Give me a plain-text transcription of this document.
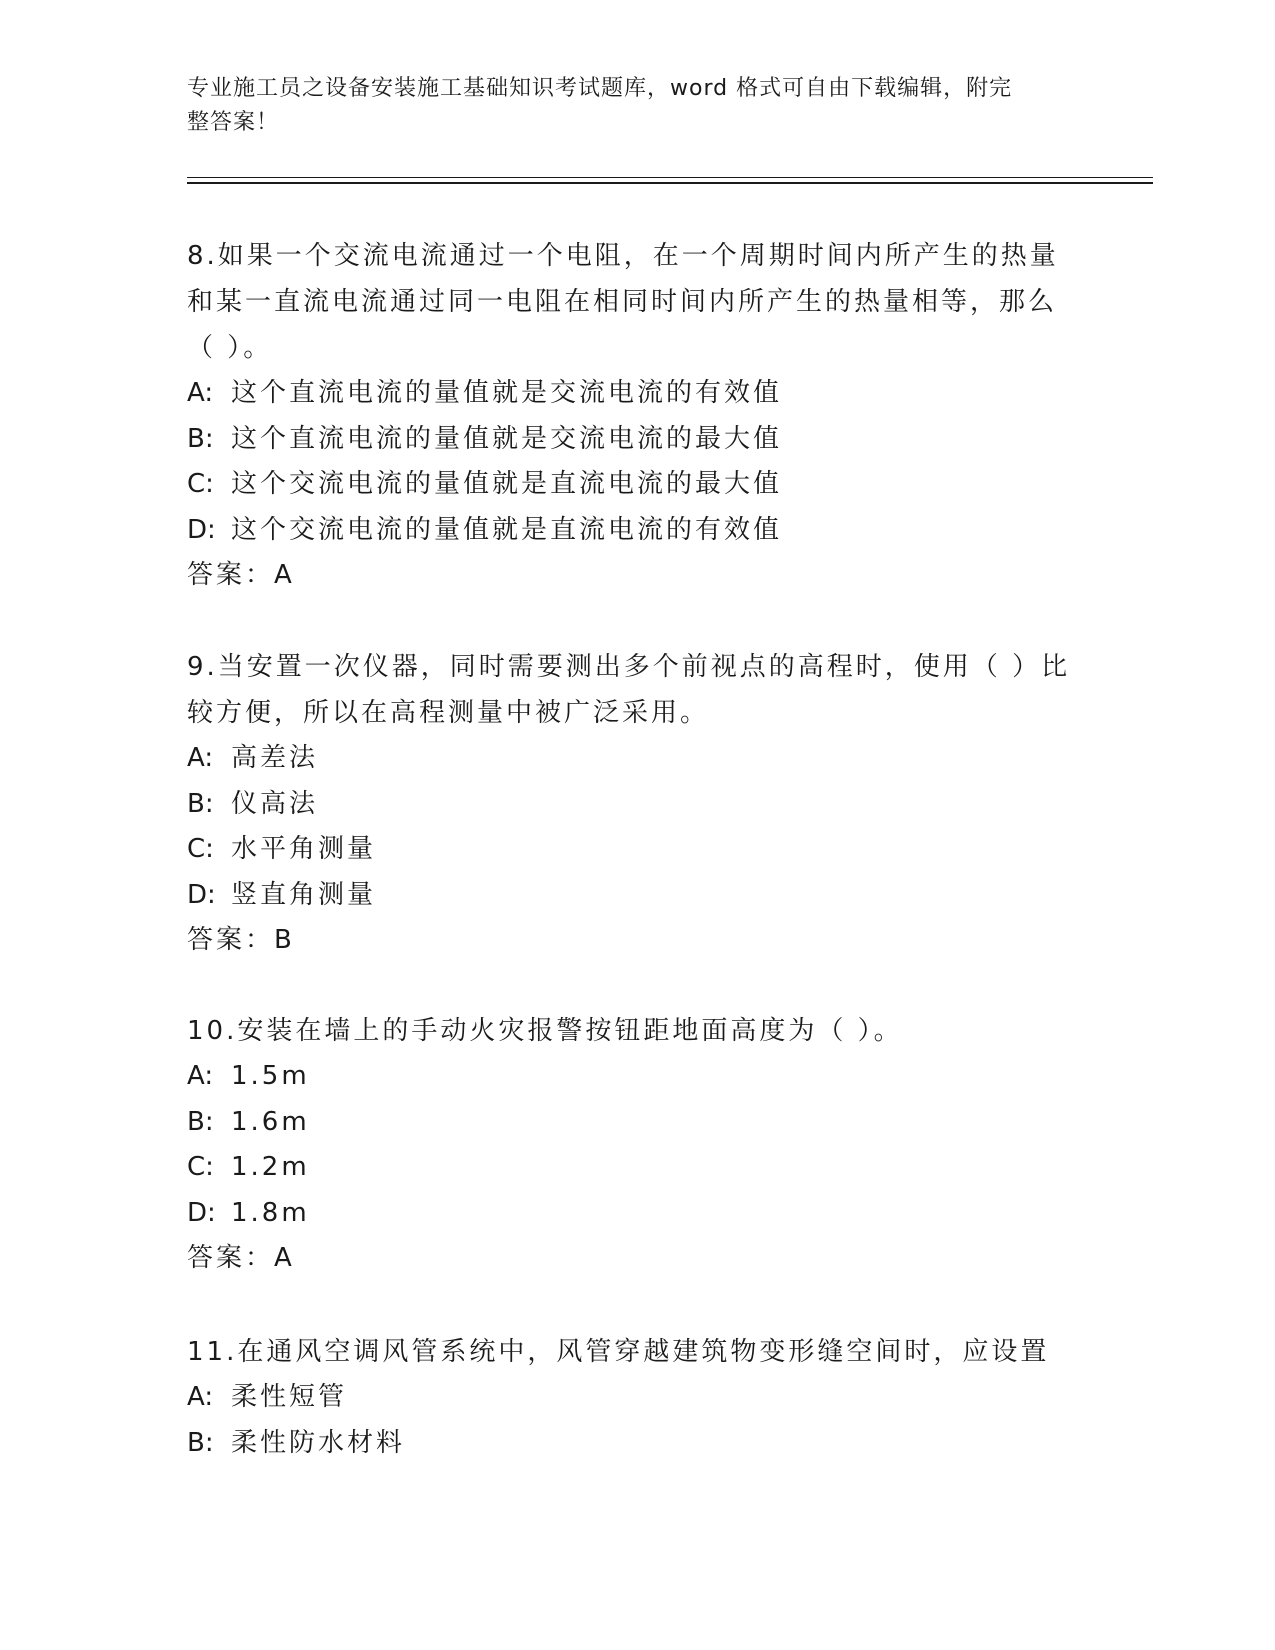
专业施工员之设备安装施工基础知识考试题库，word 格式可自由下载编辑，附完
整答案！

8.如果一个交流电流通过一个电阻，在一个周期时间内所产生的热量

和某一直流电流通过同一电阻在相同时间内所产生的热量相等，那么

（ ）。

A: 这个直流电流的量值就是交流电流的有效值

B: 这个直流电流的量值就是交流电流的最大值

C: 这个交流电流的量值就是直流电流的最大值

D: 这个交流电流的量值就是直流电流的有效值

答案：A

9.当安置一次仪器，同时需要测出多个前视点的高程时，使用（ ）比

较方便，所以在高程测量中被广泛采用。

A: 高差法

B: 仪高法

C: 水平角测量

D: 竖直角测量

答案：B

10.安装在墙上的手动火灾报警按钮距地面高度为（ ）。

A: 1.5m

B: 1.6m

C: 1.2m

D: 1.8m

答案：A

11.在通风空调风管系统中，风管穿越建筑物变形缝空间时，应设置

A: 柔性短管

B: 柔性防水材料
